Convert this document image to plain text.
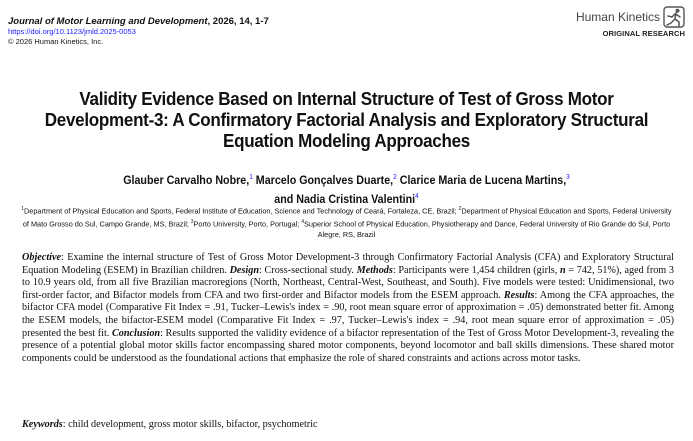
Journal of Motor Learning and Development, 2026, 14, 1-7
https://doi.org/10.1123/jmld.2025-0053
© 2026 Human Kinetics, Inc.
Human Kinetics
ORIGINAL RESEARCH
Validity Evidence Based on Internal Structure of Test of Gross Motor Development-3: A Confirmatory Factorial Analysis and Exploratory Structural Equation Modeling Approaches
Glauber Carvalho Nobre,$^1$ Marcelo Gonçalves Duarte,$^2$ Clarice Maria de Lucena Martins,$^3$
and Nadia Cristina Valentini$^4$
$^1$Department of Physical Education and Sports, Federal Institute of Education, Science and Technology of Ceará, Fortaleza, CE, Brazil; $^2$Department of Physical Education and Sports, Federal University of Mato Grosso do Sul, Campo Grande, MS, Brazil; $^3$Porto University, Porto, Portugal; $^4$Superior School of Physical Education, Physiotherapy and Dance, Federal University of Rio Grande do Sul, Porto Alegre, RS, Brazil
Objective: Examine the internal structure of Test of Gross Motor Development-3 through Confirmatory Factorial Analysis (CFA) and Exploratory Structural Equation Modeling (ESEM) in Brazilian children. Design: Cross-sectional study. Methods: Participants were 1,454 children (girls, n = 742, 51%), aged from 3 to 10.9 years old, from all five Brazilian macroregions (North, Northeast, Central-West, Southeast, and South). Five models were tested: Unidimensional, two first-order factor, and Bifactor models from CFA and two first-order and Bifactor models from the ESEM approach. Results: Among the CFA approaches, the bifactor CFA model (Comparative Fit Index = .91, Tucker–Lewis's index = .90, root mean square error of approximation = .05) demonstrated better fit. Among the ESEM models, the bifactor-ESEM model (Comparative Fit Index = .97, Tucker–Lewis's index = .94, root mean square error of approximation = .05) presented the best fit. Conclusion: Results supported the validity evidence of a bifactor representation of the Test of Gross Motor Development-3, revealing the presence of a potential global motor skills factor encompassing shared motor components, beyond locomotor and ball skills dimensions. These shared motor components could be understood as the foundational actions that emphasize the role of shared constraints and actions across motor tasks.
Keywords: child development, gross motor skills, bifactor, psychometric
